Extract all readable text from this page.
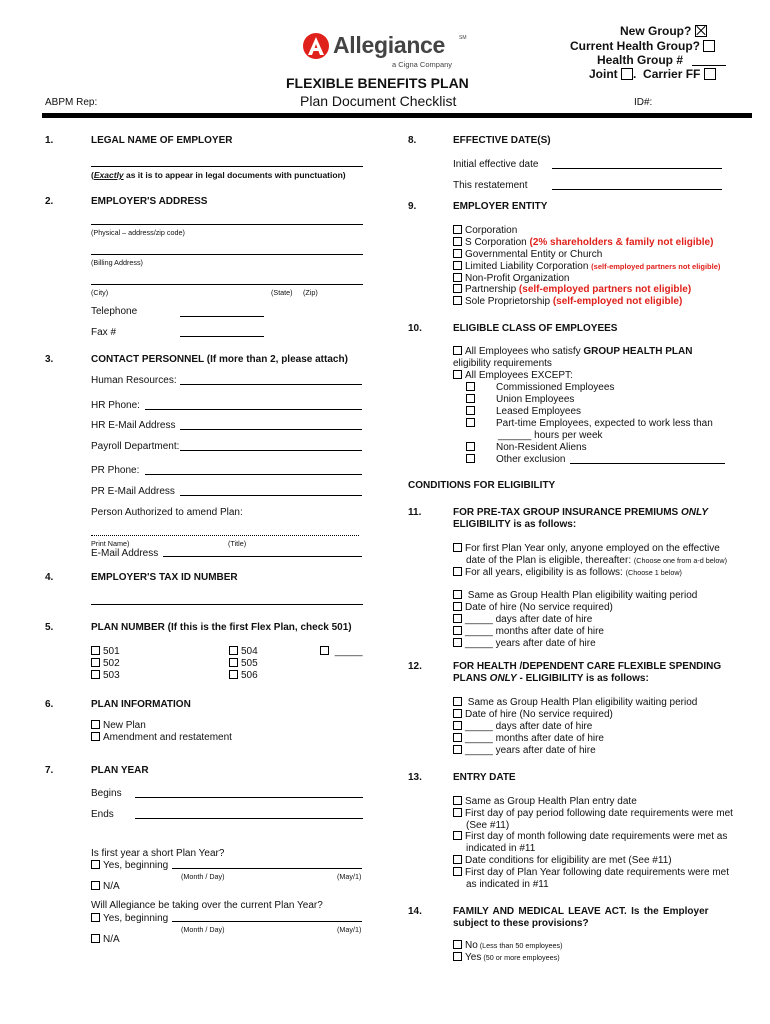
Allegiance	SM
a Cigna Company
FLEXIBLE BENEFITS PLAN
Plan Document Checklist
ABPM Rep:	ID#:
New Group?
Current Health Group?
Health Group #
Joint .  Carrier FF
1.	LEGAL NAME OF EMPLOYER
(Exactly as it is to appear in legal documents with punctuation)
2.	EMPLOYER'S ADDRESS
(Physical – address/zip code)
(Billing Address)
(City)	(State) (Zip)
Telephone
Fax #
3.	CONTACT PERSONNEL (If more than 2, please attach)
Human Resources:
HR Phone:
HR E-Mail Address
Payroll Department:
PR Phone:
PR E-Mail Address
Person Authorized to amend Plan:
Print Name)	(Title)
E-Mail Address
4.	EMPLOYER'S TAX ID NUMBER
5.	PLAN NUMBER (If this is the first Flex Plan, check 501)
501
502
503
504
505
506
_____
6.	PLAN INFORMATION
New Plan
Amendment and restatement
7.	PLAN YEAR
Begins
Ends
Is first year a short Plan Year?
Yes, beginning
(Month / Day)	(May/1)
N/A
Will Allegiance be taking over the current Plan Year?
Yes, beginning
(Month / Day)	(May/1)
N/A
8.	EFFECTIVE DATE(S)
Initial effective date
This restatement
9.	EMPLOYER ENTITY
Corporation
S Corporation (2% shareholders & family not eligible)
Governmental Entity or Church
Limited Liability Corporation (self-employed partners not eligible)
Non-Profit Organization
Partnership (self-employed partners not eligible)
Sole Proprietorship (self-employed not eligible)
10.	ELIGIBLE CLASS OF EMPLOYEES
All Employees who satisfy GROUP HEALTH PLAN
eligibility requirements
All Employees EXCEPT:
Commissioned Employees
Union Employees
Leased Employees
Part-time Employees, expected to work less than
______ hours per week
Non-Resident Aliens
Other exclusion
CONDITIONS FOR ELIGIBILITY
11.	FOR PRE-TAX GROUP INSURANCE PREMIUMS ONLY
ELIGIBILITY is as follows:
For first Plan Year only, anyone employed on the effective
date of the Plan is eligible, thereafter: (Choose one from a-d below)
For all years, eligibility is as follows: (Choose 1 below)
Same as Group Health Plan eligibility waiting period
Date of hire (No service required)
_____ days after date of hire
_____ months after date of hire
_____ years after date of hire
12.	FOR HEALTH /DEPENDENT CARE FLEXIBLE SPENDING
PLANS ONLY - ELIGIBILITY is as follows:
Same as Group Health Plan eligibility waiting period
Date of hire (No service required)
_____ days after date of hire
_____ months after date of hire
_____ years after date of hire
13.	ENTRY DATE
Same as Group Health Plan entry date
First day of pay period following date requirements were met
(See #11)
First day of month following date requirements were met as
indicated in #11
Date conditions for eligibility are met (See #11)
First day of Plan Year following date requirements were met
as indicated in #11
14.	FAMILY AND MEDICAL LEAVE ACT. Is the Employer
subject to these provisions?
No (Less than 50 employees)
Yes (50 or more employees)
